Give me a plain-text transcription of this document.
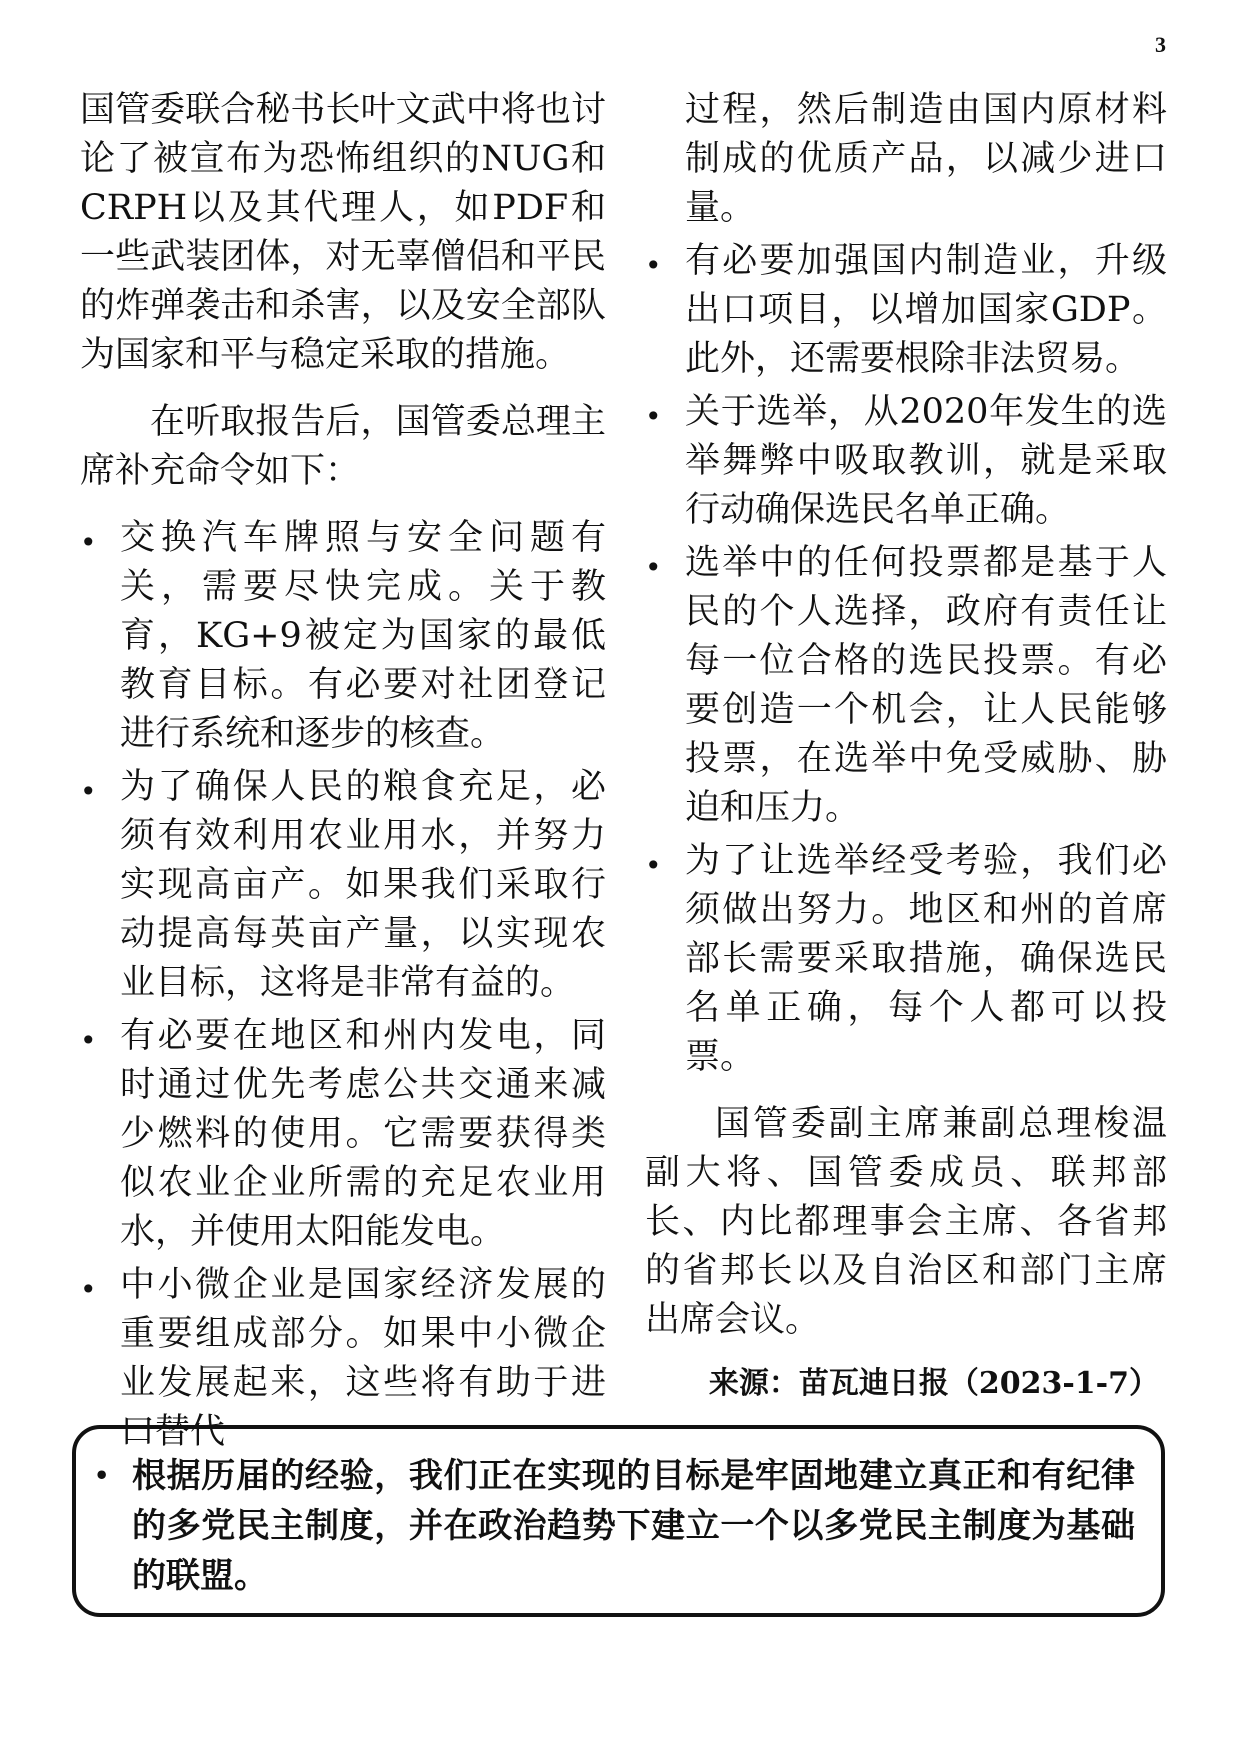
3

国管委联合秘书长叶文武中将也讨论了被宣布为恐怖组织的NUG和CRPH以及其代理人，如PDF和一些武装团体，对无辜僧侣和平民的炸弹袭击和杀害，以及安全部队为国家和平与稳定采取的措施。

在听取报告后，国管委总理主席补充命令如下：

•
交换汽车牌照与安全问题有关，需要尽快完成。关于教育，KG+9被定为国家的最低教育目标。有必要对社团登记进行系统和逐步的核查。
•
为了确保人民的粮食充足，必须有效利用农业用水，并努力实现高亩产。如果我们采取行动提高每英亩产量，以实现农业目标，这将是非常有益的。
•
有必要在地区和州内发电，同时通过优先考虑公共交通来减少燃料的使用。它需要获得类似农业企业所需的充足农业用水，并使用太阳能发电。
•
中小微企业是国家经济发展的重要组成部分。如果中小微企业发展起来，这些将有助于进口替代

过程，然后制造由国内原材料制成的优质产品，以减少进口量。

•
有必要加强国内制造业，升级出口项目，以增加国家GDP。此外，还需要根除非法贸易。
•
关于选举，从2020年发生的选举舞弊中吸取教训，就是采取行动确保选民名单正确。
•
选举中的任何投票都是基于人民的个人选择，政府有责任让每一位合格的选民投票。有必要创造一个机会，让人民能够投票，在选举中免受威胁、胁迫和压力。
•
为了让选举经受考验，我们必须做出努力。地区和州的首席部长需要采取措施，确保选民名单正确，每个人都可以投票。

国管委副主席兼副总理梭温副大将、国管委成员、联邦部长、内比都理事会主席、各省邦的省邦长以及自治区和部门主席出席会议。

来源：苗瓦迪日报（2023-1-7）
•
根据历届的经验，我们正在实现的目标是牢固地建立真正和有纪律的多党民主制度，并在政治趋势下建立一个以多党民主制度为基础的联盟。
